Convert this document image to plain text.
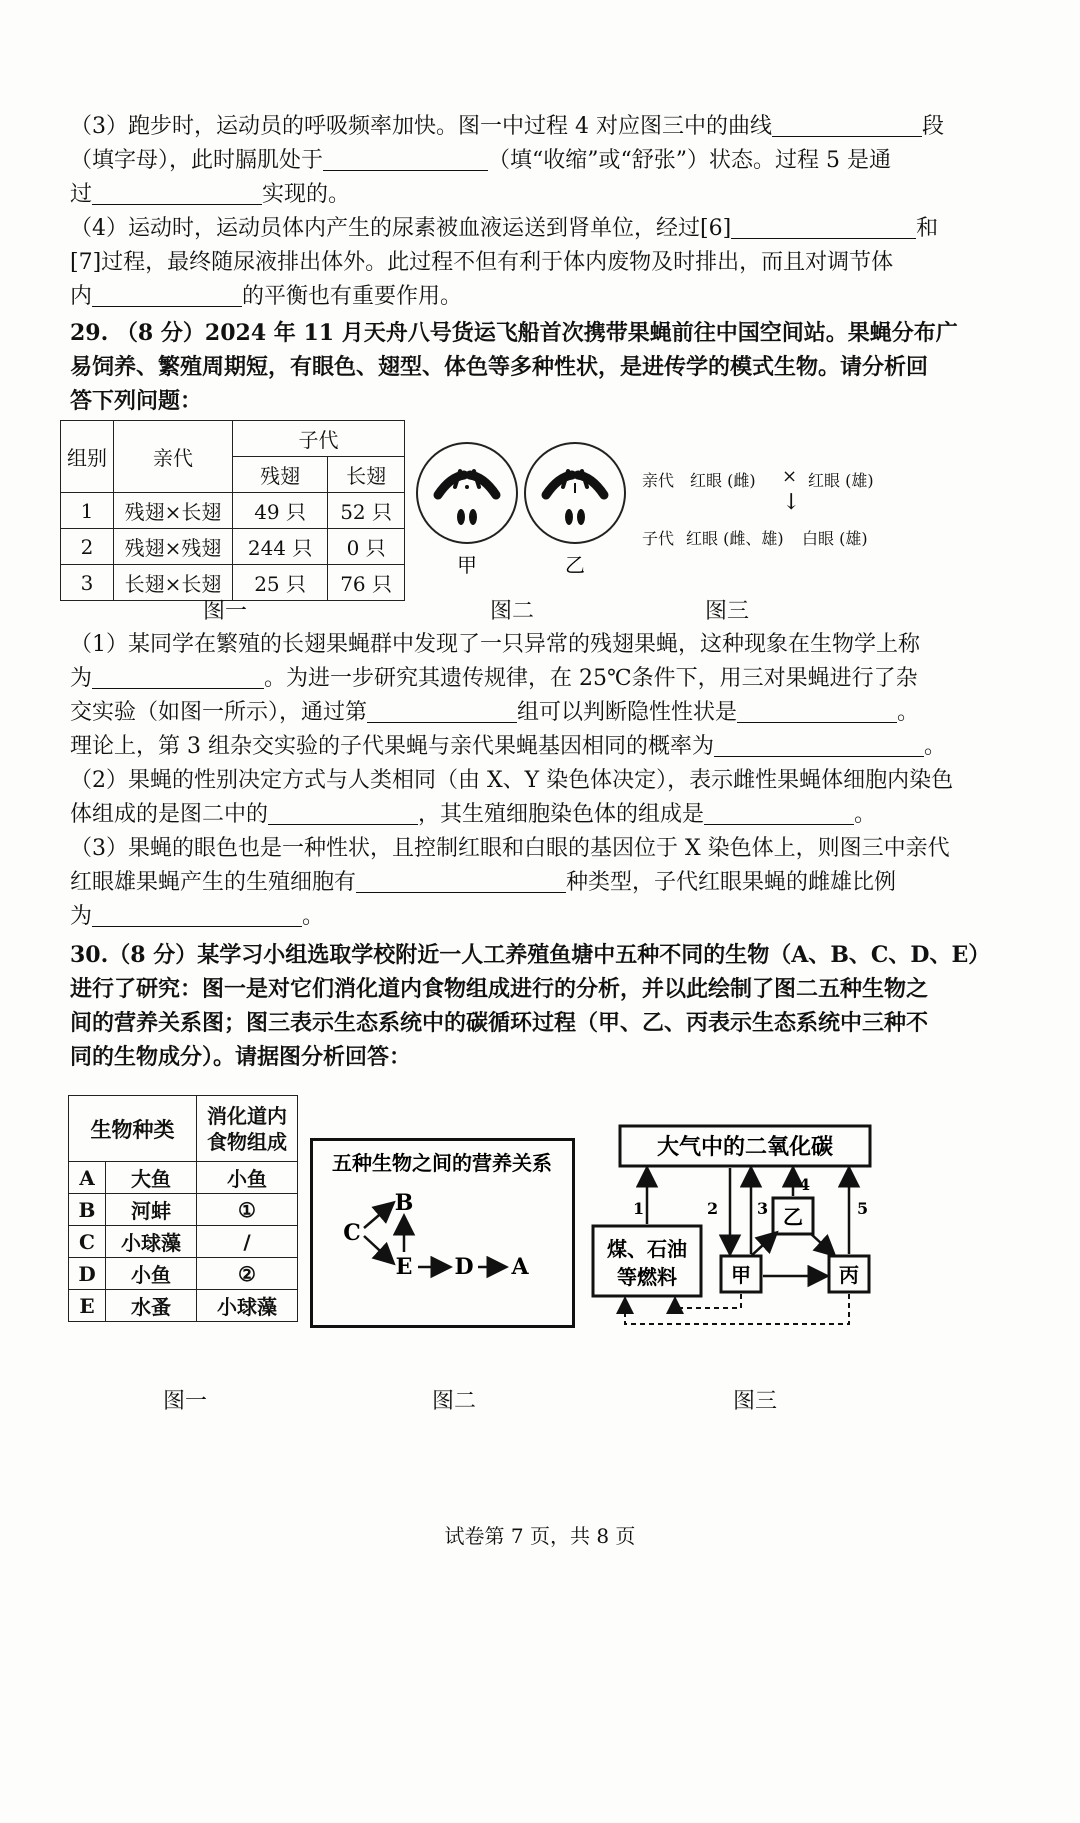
（3）跑步时，运动员的呼吸频率加快。图一中过程 4 对应图三中的曲线	段
（填字母），此时膈肌处于	（填“收缩”或“舒张”）状态。过程 5 是通
过	实现的。
（4）运动时，运动员体内产生的尿素被血液运送到肾单位，经过[6]	和
[7]过程，最终随尿液排出体外。此过程不但有利于体内废物及时排出，而且对调节体
内	的平衡也有重要作用。
29. （8 分）2024 年 11 月天舟八号货运飞船首次携带果蝇前往中国空间站。果蝇分布广
易饲养、繁殖周期短，有眼色、翅型、体色等多种性状，是进传学的模式生物。请分析回
答下列问题：
组别	亲代	子代	
		残翅	长翅
1	残翅×长翅	49 只	52 只
2	残翅×残翅	244 只	0 只
3	长翅×长翅	25 只	76 只
甲	乙
亲代 红眼 (雌) × 红眼 (雄)
↓
子代 红眼 (雌、雄) 白眼 (雄)
图一	图二	图三
（1）某同学在繁殖的长翅果蝇群中发现了一只异常的残翅果蝇，这种现象在生物学上称
为	。为进一步研究其遗传规律，在 25℃条件下，用三对果蝇进行了杂
交实验（如图一所示），通过第	组可以判断隐性性状是	。
理论上，第 3 组杂交实验的子代果蝇与亲代果蝇基因相同的概率为	。
（2）果蝇的性别决定方式与人类相同（由 X、Y 染色体决定），表示雌性果蝇体细胞内染色
体组成的是图二中的	，其生殖细胞染色体的组成是	。
（3）果蝇的眼色也是一种性状，且控制红眼和白眼的基因位于 X 染色体上，则图三中亲代
红眼雄果蝇产生的生殖细胞有	种类型，子代红眼果蝇的雌雄比例
为	。
30.（8 分）某学习小组选取学校附近一人工养殖鱼塘中五种不同的生物（A、B、C、D、E）
进行了研究：图一是对它们消化道内食物组成进行的分析，并以此绘制了图二五种生物之
间的营养关系图；图三表示生态系统中的碳循环过程（甲、乙、丙表示生态系统中三种不
同的生物成分）。请据图分析回答：
生物种类		消化道内
食物组成

A	大鱼	小鱼
B	河蚌	①
C	小球藻	/
D	小鱼	②
E	水蚤	小球藻
五种生物之间的营养关系
C
B
E D A
大气中的二氧化碳
煤、石油
等燃料	甲
乙
丙
1	2 3
4
5
图一	图二	图三
试卷第 7 页，共 8 页
